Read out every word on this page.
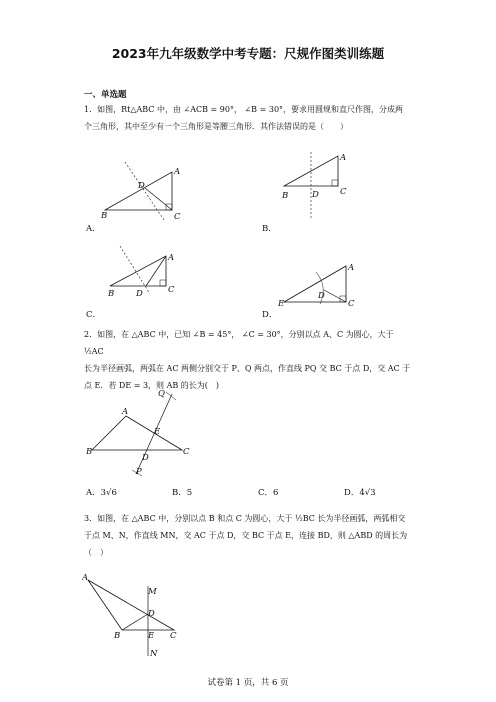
2023年九年级数学中考专题：尺规作图类训练题
一、单选题
1．如图，Rt△ABC 中，由 ∠ACB = 90°， ∠B = 30°，要求用圆规和直尺作图，分成两
个三角形，其中至少有一个三角形是等腰三角形．其作法错误的是（　　）
A
B	C
D
A．
A
B	C
D
B．
A
B	C
D
C．
A
E	C
D
D．
2．如图，在 △ABC 中，已知 ∠B = 45°， ∠C = 30°，分别以点 A、C 为圆心，大于 ½AC
长为半径画弧，两弧在 AC 两侧分别交于 P、Q 两点，作直线 PQ 交 BC 于点 D，交 AC 于
点 E．若 DE = 3，则 AB 的长为(　)
A
B	C
Q
E
D
P
A．3√6	B．5	C．6	D．4√3
3．如图，在 △ABC 中，分别以点 B 和点 C 为圆心，大于 ½BC 长为半径画弧，两弧相交
于点 M、N，作直线 MN，交 AC 于点 D，交 BC 于点 E，连接 BD，则 △ABD 的周长为
（　）
A
B	C
M
D
E
N
试卷第 1 页，共 6 页
